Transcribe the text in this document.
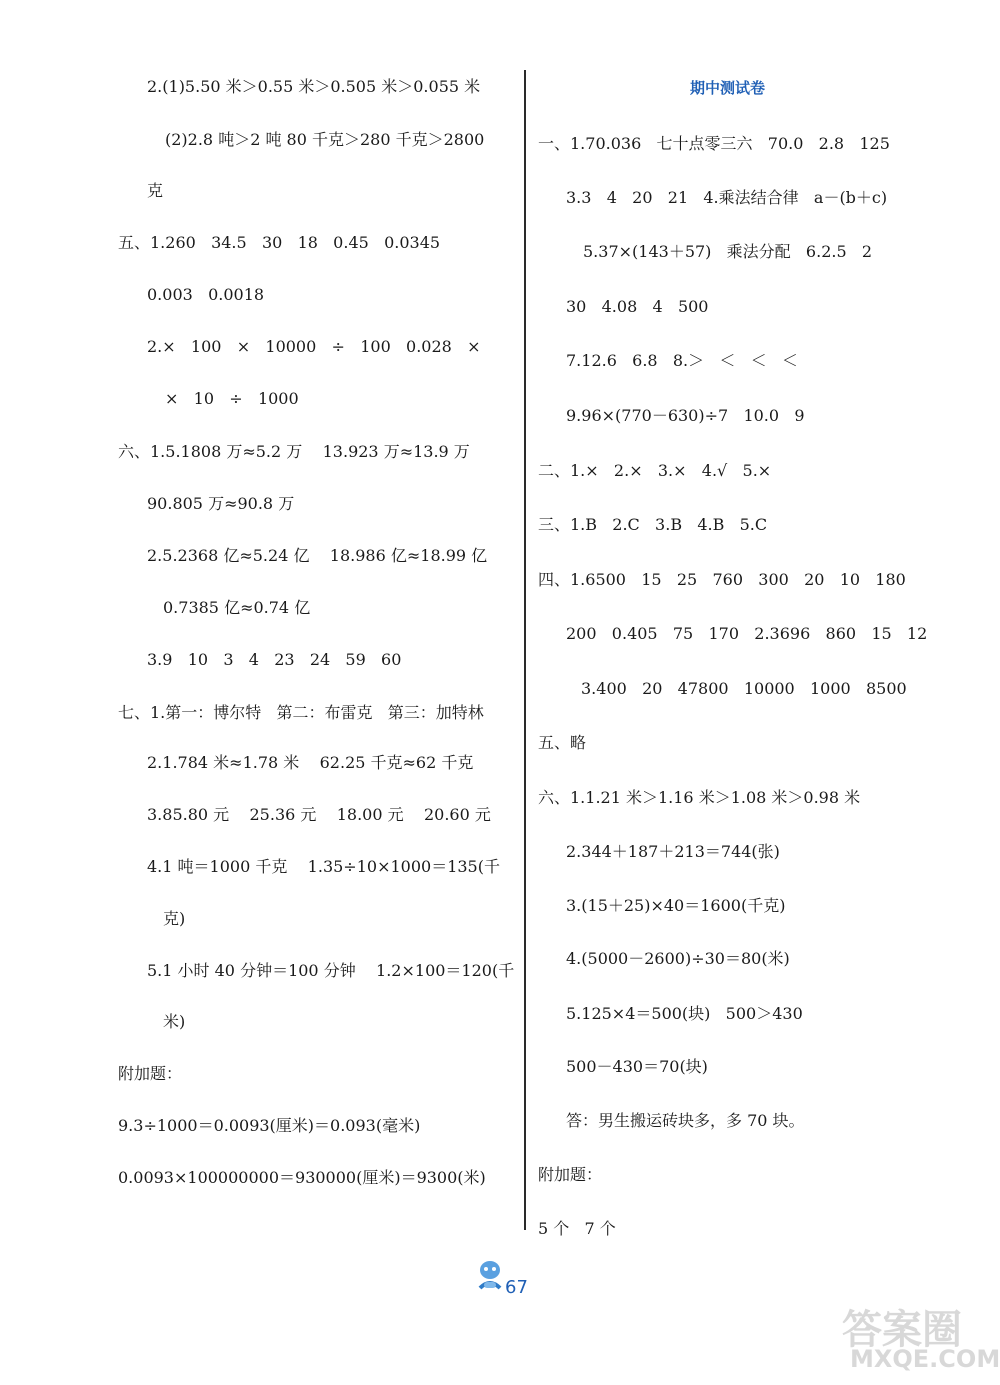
2.(1)5.50 米＞0.55 米＞0.505 米＞0.055 米
(2)2.8 吨＞2 吨 80 千克＞280 千克＞2800
克
五、1.260   34.5   30   18   0.45   0.0345
0.003   0.0018
2.×   100   ×   10000   ÷   100   0.028   ×
×   10   ÷   1000
六、1.5.1808 万≈5.2 万    13.923 万≈13.9 万
90.805 万≈90.8 万
2.5.2368 亿≈5.24 亿    18.986 亿≈18.99 亿
0.7385 亿≈0.74 亿
3.9   10   3   4   23   24   59   60
七、1.第一：博尔特   第二：布雷克   第三：加特林
2.1.784 米≈1.78 米    62.25 千克≈62 千克
3.85.80 元    25.36 元    18.00 元    20.60 元
4.1 吨＝1000 千克    1.35÷10×1000＝135(千
克)
5.1 小时 40 分钟＝100 分钟    1.2×100＝120(千
米)
附加题：
9.3÷1000＝0.0093(厘米)＝0.093(毫米)
0.0093×100000000＝930000(厘米)＝9300(米)
期中测试卷
一、1.70.036   七十点零三六   70.0   2.8   125
3.3   4   20   21   4.乘法结合律   a－(b＋c)
5.37×(143＋57)   乘法分配   6.2.5   2
30   4.08   4   500
7.12.6   6.8   8.＞   ＜   ＜   ＜
9.96×(770－630)÷7   10.0   9
二、1.×   2.×   3.×   4.√   5.×
三、1.B   2.C   3.B   4.B   5.C
四、1.6500   15   25   760   300   20   10   180
200   0.405   75   170   2.3696   860   15   12
3.400   20   47800   10000   1000   8500
五、略
六、1.1.21 米＞1.16 米＞1.08 米＞0.98 米
2.344＋187＋213＝744(张)
3.(15＋25)×40＝1600(千克)
4.(5000－2600)÷30＝80(米)
5.125×4＝500(块)   500＞430
500－430＝70(块)
答：男生搬运砖块多，多 70 块。
附加题：
5 个   7 个
67
答案圈
MXQE.COM
